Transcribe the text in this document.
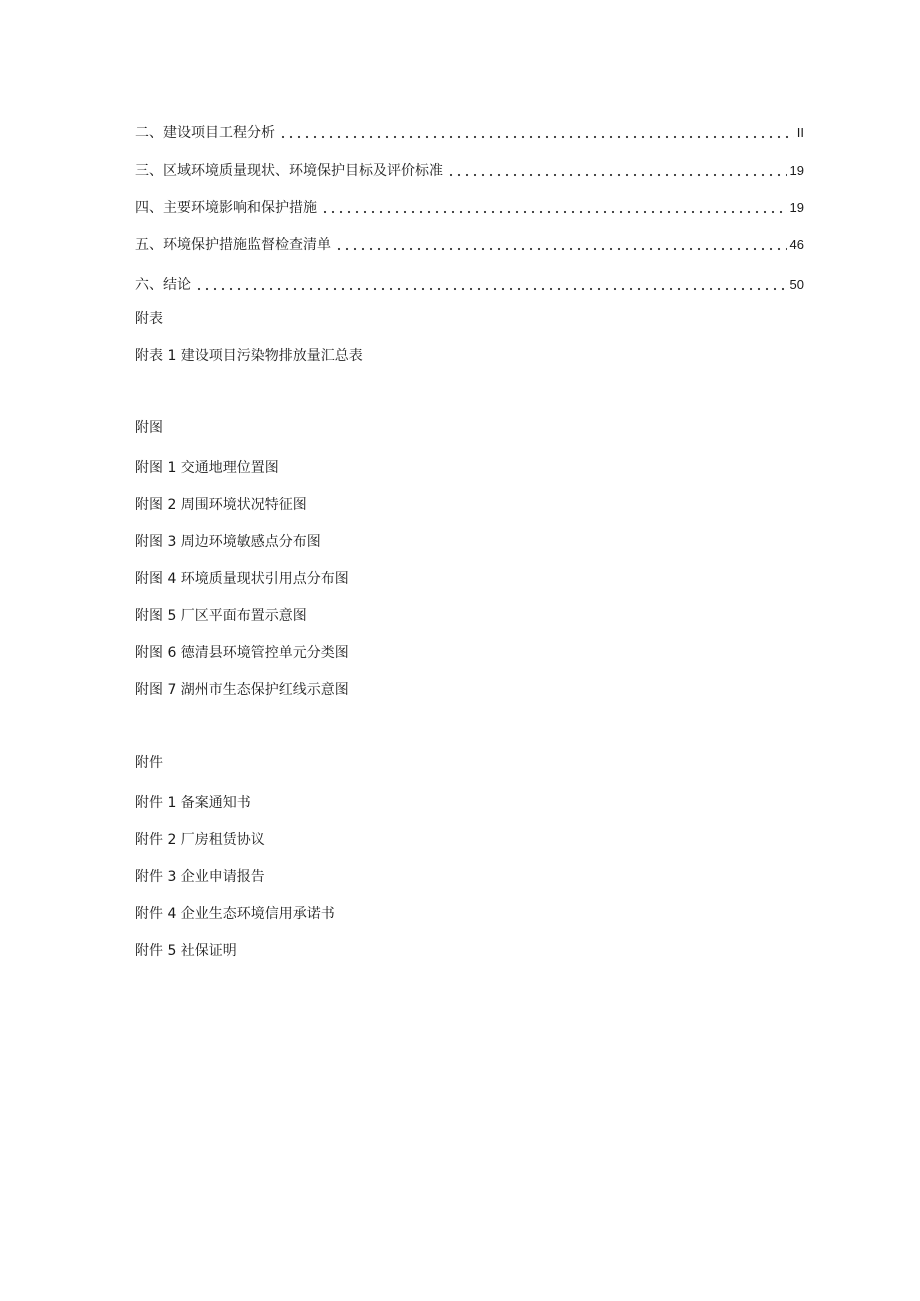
二、建设项目工程分析	II
三、区域环境质量现状、环境保护目标及评价标准	19
四、主要环境影响和保护措施	19
五、环境保护措施监督检查清单	46
六、结论	50
附表
附表 1 建设项目污染物排放量汇总表
附图
附图 1 交通地理位置图
附图 2 周围环境状况特征图
附图 3 周边环境敏感点分布图
附图 4 环境质量现状引用点分布图
附图 5 厂区平面布置示意图
附图 6 德清县环境管控单元分类图
附图 7 湖州市生态保护红线示意图
附件
附件 1 备案通知书
附件 2 厂房租赁协议
附件 3 企业申请报告
附件 4 企业生态环境信用承诺书
附件 5 社保证明
